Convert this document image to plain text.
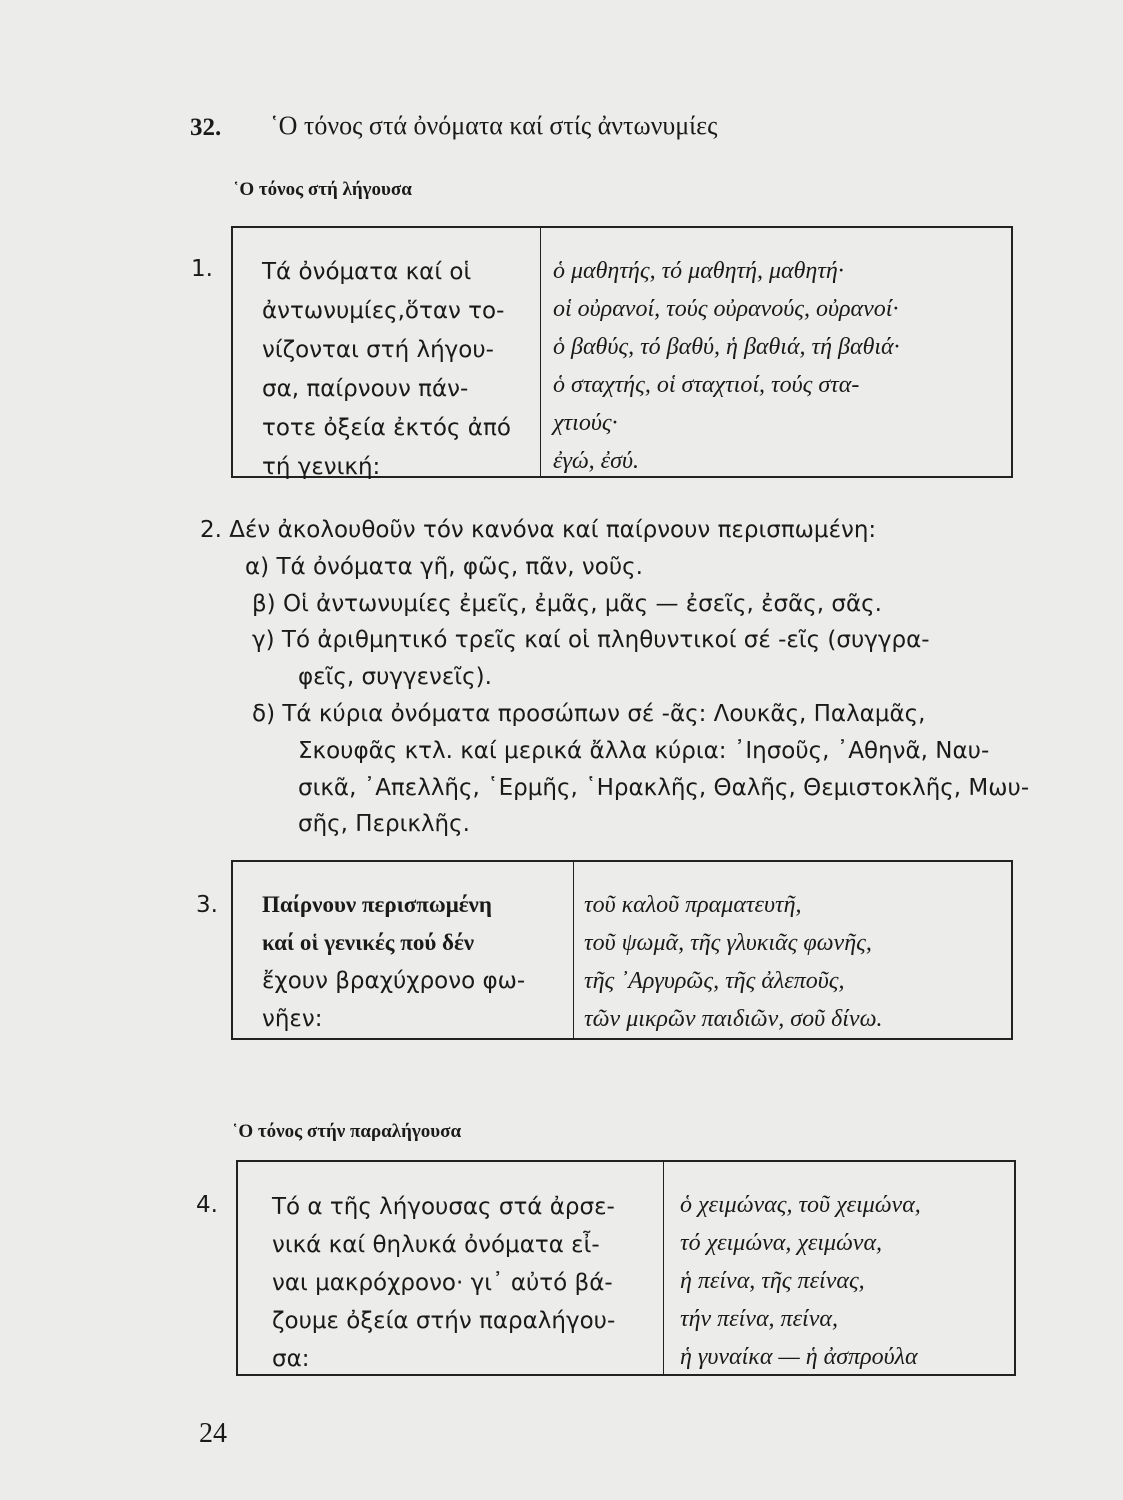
32. ῾Ο τόνος στά ὀνόματα καί στίς ἀντωνυμίες
῾Ο τόνος στή λήγουσα
1. Τά ὀνόματα καί οἱ
ἀντωνυμίες,ὅταν το-
νίζονται στή λήγου-
σα, παίρνουν πάν-
τοτε ὀξεία ἐκτός ἀπό
τή γενική:
ὁ μαθητής, τό μαθητή, μαθητή·
οἱ οὐρανοί, τούς οὐρανούς, οὐρανοί·
ὁ βαθύς, τό βαθύ, ἡ βαθιά, τή βαθιά·
ὁ σταχτής, οἱ σταχτιοί, τούς στα-
χτιούς·
ἐγώ, ἐσύ.
2. Δέν ἀκολουθοῦν τόν κανόνα καί παίρνουν περισπωμένη:
α) Τά ὀνόματα γῆ, φῶς, πᾶν, νοῦς.
β) Οἱ ἀντωνυμίες ἐμεῖς, ἐμᾶς, μᾶς — ἐσεῖς, ἐσᾶς, σᾶς.
γ) Τό ἀριθμητικό τρεῖς καί οἱ πληθυντικοί σέ -εῖς (συγγρα-
φεῖς, συγγενεῖς).
δ) Τά κύρια ὀνόματα προσώπων σέ -ᾶς: Λουκᾶς, Παλαμᾶς,
Σκουφᾶς κτλ. καί μερικά ἄλλα κύρια: ᾿Ιησοῦς, ᾿Αθηνᾶ, Ναυ-
σικᾶ, ᾿Απελλῆς, ῾Ερμῆς, ῾Ηρακλῆς, Θαλῆς, Θεμιστοκλῆς, Μωυ-
σῆς, Περικλῆς.
3. Παίρνουν περισπωμένη
καί οἱ γενικές πού δέν
ἔχουν βραχύχρονο φω-
νῆεν:
τοῦ καλοῦ πραματευτῆ,
τοῦ ψωμᾶ, τῆς γλυκιᾶς φωνῆς,
τῆς ᾿Αργυρῶς, τῆς ἀλεποῦς,
τῶν μικρῶν παιδιῶν, σοῦ δίνω.
῾Ο τόνος στήν παραλήγουσα
4. Τό α τῆς λήγουσας στά ἀρσε-
νικά καί θηλυκά ὀνόματα εἶ-
ναι μακρόχρονο· γι᾿ αὐτό βά-
ζουμε ὀξεία στήν παραλήγου-
σα:
ὁ χειμώνας, τοῦ χειμώνα,
τό χειμώνα, χειμώνα,
ἡ πείνα, τῆς πείνας,
τήν πείνα, πείνα,
ἡ γυναίκα — ἡ ἀσπρούλα
24
